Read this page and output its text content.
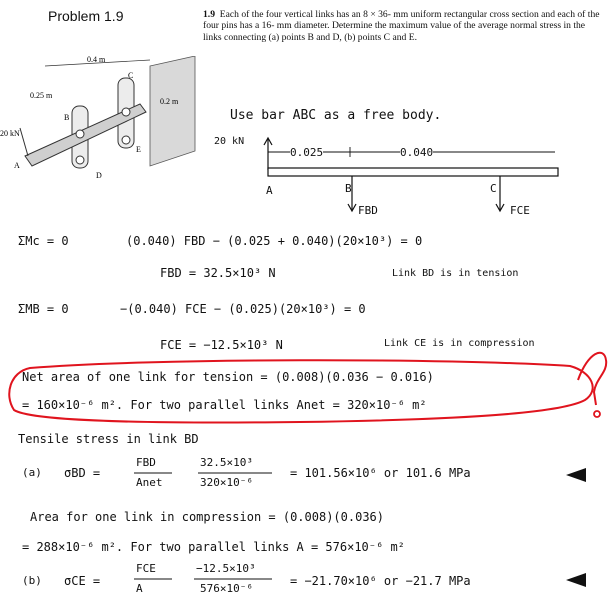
Problem 1.9	1.9 Each of the four vertical links has an 8 × 36- mm uniform rectangular cross section and each of the four pins has a 16- mm diameter. Determine the maximum value of the average normal stress in the links connecting (a) points B and D, (b) points C and E.
0.4 m
0.25 m
0.2 m
C
B
E
D
A
20 kN
Use bar ABC as a free body.
20 kN
0.025	0.040
A	B	C
FBD	FCE
ΣMc = 0	(0.040) FBD − (0.025 + 0.040)(20×10³) = 0
FBD = 32.5×10³ N	Link BD is in tension
ΣMB = 0	−(0.040) FCE − (0.025)(20×10³) = 0
FCE = −12.5×10³ N	Link CE is in compression
Net area of one link for tension = (0.008)(0.036 − 0.016)
= 160×10⁻⁶ m². For two parallel links Anet = 320×10⁻⁶ m²
Tensile stress in link BD
(a) σBD =
FBD
Anet
32.5×10³
320×10⁻⁶
= 101.56×10⁶ or 101.6 MPa
Area for one link in compression = (0.008)(0.036)
= 288×10⁻⁶ m². For two parallel links A = 576×10⁻⁶ m²
(b) σCE =
FCE
A
−12.5×10³
576×10⁻⁶
= −21.70×10⁶ or −21.7 MPa
